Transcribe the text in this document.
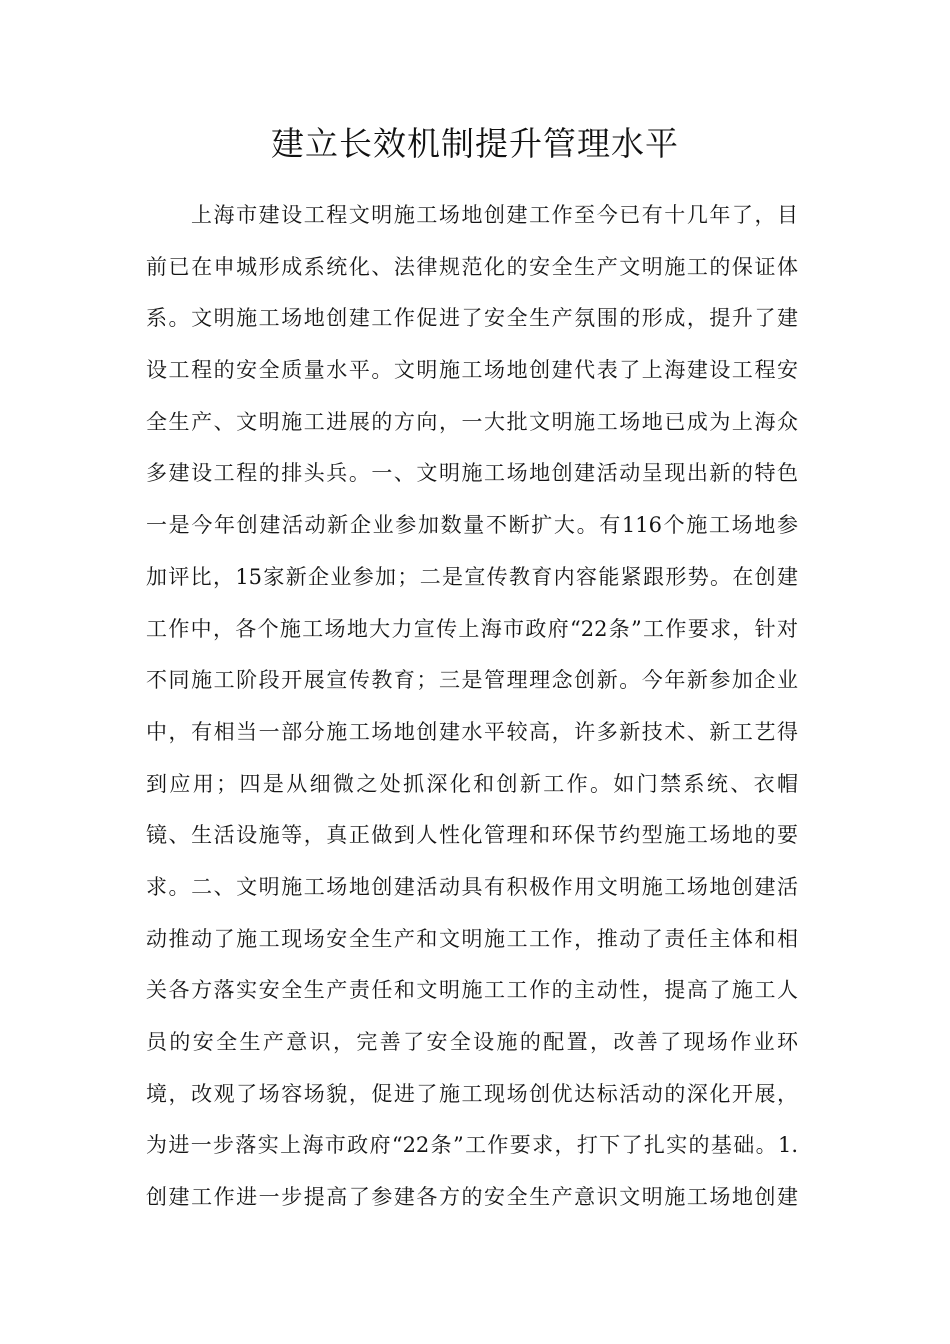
建立长效机制提升管理水平
上海市建设工程文明施工场地创建工作至今已有十几年了，目
前已在申城形成系统化、法律规范化的安全生产文明施工的保证体
系。文明施工场地创建工作促进了安全生产氛围的形成，提升了建
设工程的安全质量水平。文明施工场地创建代表了上海建设工程安
全生产、文明施工进展的方向，一大批文明施工场地已成为上海众
多建设工程的排头兵。一、文明施工场地创建活动呈现出新的特色
一是今年创建活动新企业参加数量不断扩大。有116个施工场地参
加评比，15家新企业参加；二是宣传教育内容能紧跟形势。在创建
工作中，各个施工场地大力宣传上海市政府“22条”工作要求，针对
不同施工阶段开展宣传教育；三是管理理念创新。今年新参加企业
中，有相当一部分施工场地创建水平较高，许多新技术、新工艺得
到应用；四是从细微之处抓深化和创新工作。如门禁系统、衣帽
镜、生活设施等，真正做到人性化管理和环保节约型施工场地的要
求。二、文明施工场地创建活动具有积极作用文明施工场地创建活
动推动了施工现场安全生产和文明施工工作，推动了责任主体和相
关各方落实安全生产责任和文明施工工作的主动性，提高了施工人
员的安全生产意识，完善了安全设施的配置，改善了现场作业环
境，改观了场容场貌，促进了施工现场创优达标活动的深化开展，
为进一步落实上海市政府“22条”工作要求，打下了扎实的基础。1.
创建工作进一步提高了参建各方的安全生产意识文明施工场地创建
